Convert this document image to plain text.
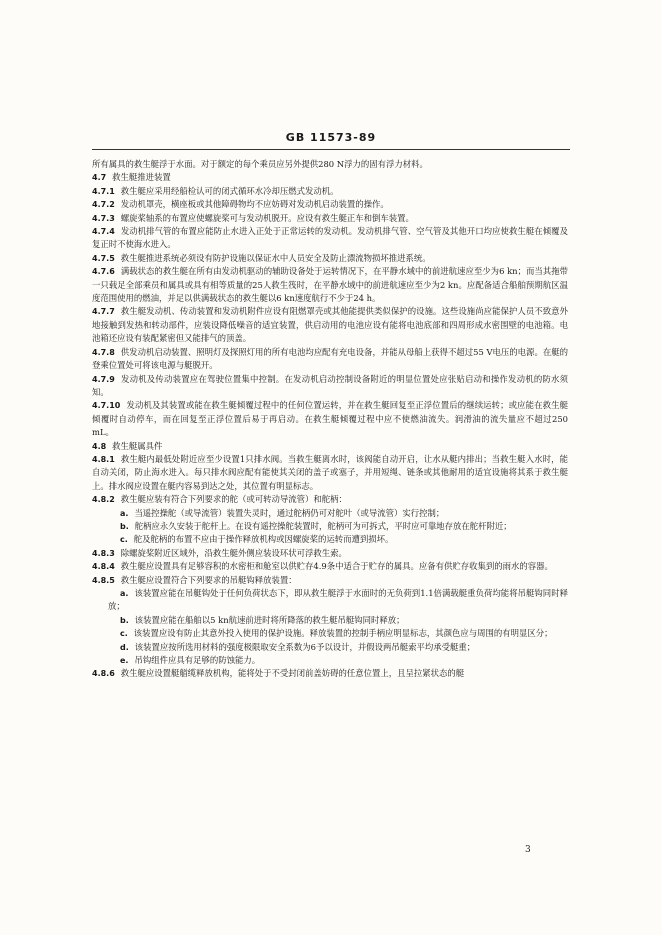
GB 11573-89

所有属具的救生艇浮于水面。对于额定的每个乘员应另外提供280 N浮力的固有浮力材料。

4.7 救生艇推进装置

4.7.1 救生艇应采用经船检认可的闭式循环水冷却压燃式发动机。

4.7.2 发动机罩壳，横座板或其他障碍物均不应妨碍对发动机启动装置的操作。

4.7.3 螺旋桨轴系的布置应使螺旋桨可与发动机脱开。应设有救生艇正车和倒车装置。

4.7.4 发动机排气管的布置应能防止水进入正处于正常运转的发动机。发动机排气管、空气管及其他开口均应使救生艇在倾覆及复正时不使海水进入。

4.7.5 救生艇推进系统必须设有防护设施以保证水中人员安全及防止漂流物损坏推进系统。

4.7.6 满载状态的救生艇在所有由发动机驱动的辅助设备处于运转情况下，在平静水域中的前进航速应至少为6 kn；而当其拖带一只载足全部乘员和属具或具有相等质量的25人救生筏时，在平静水域中的前进航速应至少为2 kn。应配备适合船舶预期航区温度范围使用的燃油，并足以供满载状态的救生艇以6 kn速度航行不少于24 h。

4.7.7 救生艇发动机、传动装置和发动机附件应设有阻燃罩壳或其他能提供类似保护的设施。这些设施尚应能保护人员不致意外地接触到发热和转动部件，应装设降低噪音的适宜装置，供启动用的电池应设有能将电池底部和四周形成水密围壁的电池箱。电池箱还应设有装配紧密但又能排气的顶盖。

4.7.8 供发动机启动装置、照明灯及探照灯用的所有电池均应配有充电设备，并能从母船上获得不超过55 V电压的电源。在艇的登乘位置处可将该电源与艇脱开。

4.7.9 发动机及传动装置应在驾驶位置集中控制。在发动机启动控制设备附近的明显位置处应张贴启动和操作发动机的防水须知。

4.7.10 发动机及其装置或能在救生艇倾覆过程中的任何位置运转，并在救生艇回复至正浮位置后的继续运转；或应能在救生艇倾覆时自动停车，而在回复至正浮位置后易于再启动。在救生艇倾覆过程中应不使燃油流失。润滑油的流失量应不超过250 mL。

4.8 救生艇属具件

4.8.1 救生艇内最低处附近应至少设置1只排水阀。当救生艇离水时，该阀能自动开启，让水从艇内排出；当救生艇入水时，能自动关闭，防止海水进入。每只排水阀应配有能使其关闭的盖子或塞子，并用短绳、链条或其他耐用的适宜设施将其系于救生艇上。排水阀应设置在艇内容易到达之处，其位置有明显标志。

4.8.2 救生艇应装有符合下列要求的舵（或可转动导流管）和舵柄：

a. 当遥控操舵（或导流管）装置失灵时，通过舵柄仍可对舵叶（或导流管）实行控制；

b. 舵柄应永久安装于舵杆上。在设有遥控操舵装置时，舵柄可为可拆式，平时应可靠地存放在舵杆附近；

c. 舵及舵柄的布置不应由于操作释放机构或因螺旋桨的运转而遭到损坏。

4.8.3 除螺旋桨附近区域外，沿救生艇外侧应装设环状可浮救生索。

4.8.4 救生艇应设置具有足够容积的水密柜和舱室以供贮存4.9条中适合于贮存的属具。应备有供贮存收集到的雨水的容器。

4.8.5 救生艇应设置符合下列要求的吊艇钩释放装置：

a. 该装置应能在吊艇钩处于任何负荷状态下，即从救生艇浮于水面时的无负荷到1.1倍满载艇重负荷均能将吊艇钩同时释放；

b. 该装置应能在船舶以5 kn航速前进时将所降落的救生艇吊艇钩同时释放；

c. 该装置应设有防止其意外投入使用的保护设施。释放装置的控制手柄应明显标志，其颜色应与周围的有明显区分；

d. 该装置应按所选用材料的强度极限取安全系数为6予以设计，并假设两吊艇索平均承受艇重；

e. 吊钩组件应具有足够的防蚀能力。

4.8.6 救生艇应设置艇艏缆释放机构，能将处于不受封闭前盖妨碍的任意位置上，且呈拉紧状态的艇

3
